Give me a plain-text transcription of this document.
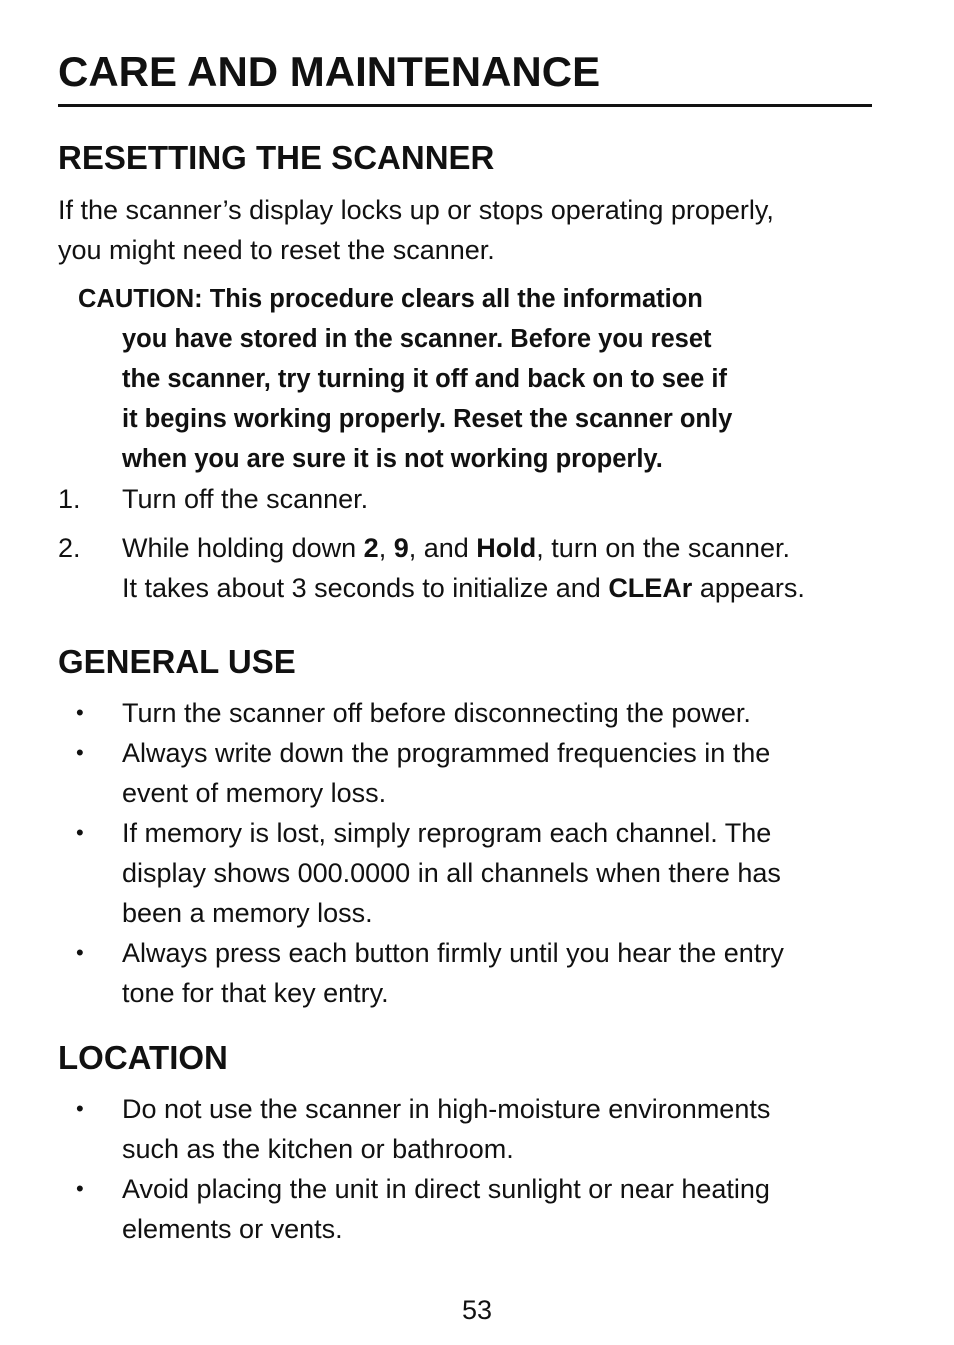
CARE AND MAINTENANCE
RESETTING THE SCANNER

If the scanner’s display locks up or stops operating properly,
you might need to reset the scanner.

CAUTION: This procedure clears all the information
you have stored in the scanner. Before you reset
the scanner, try turning it off and back on to see if
it begins working properly. Reset the scanner only
when you are sure it is not working properly.

1. Turn off the scanner.
2. While holding down 2, 9, and Hold, turn on the scanner.
It takes about 3 seconds to initialize and CLEAr appears.
GENERAL USE
• Turn the scanner off before disconnecting the power.
• Always write down the programmed frequencies in the
event of memory loss.
• If memory is lost, simply reprogram each channel. The
display shows 000.0000 in all channels when there has
been a memory loss.
• Always press each button firmly until you hear the entry
tone for that key entry.
LOCATION
• Do not use the scanner in high-moisture environments
such as the kitchen or bathroom.
• Avoid placing the unit in direct sunlight or near heating
elements or vents.
53
